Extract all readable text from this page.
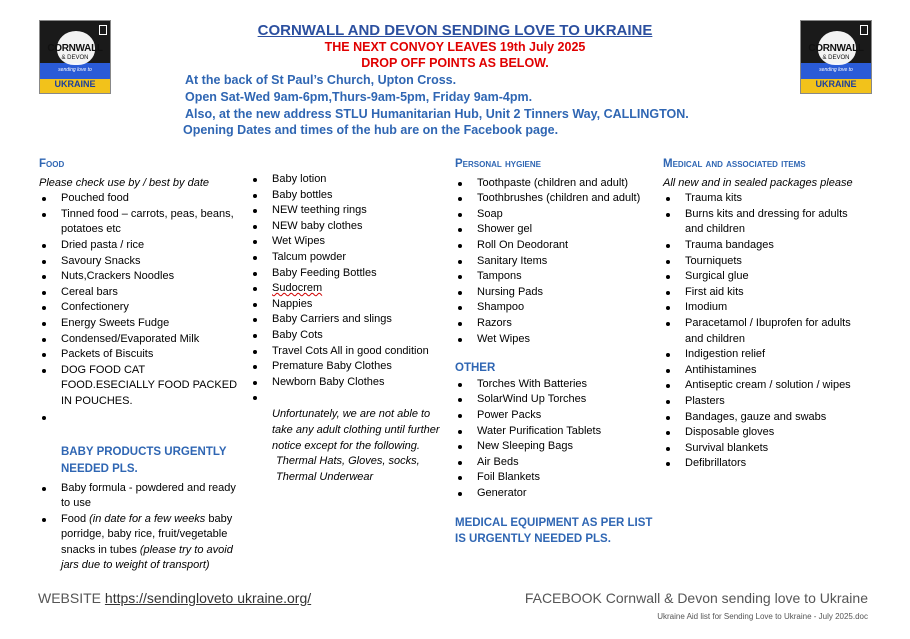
CORNWALL
& DEVON
sending love to
UKRAINE
CORNWALL
& DEVON
sending love to
UKRAINE
CORNWALL AND DEVON SENDING LOVE TO UKRAINE
THE NEXT CONVOY LEAVES 19th July 2025
DROP OFF POINTS AS BELOW.
At the back of St Paul’s Church, Upton Cross.
Open Sat-Wed 9am-6pm,Thurs-9am-5pm, Friday 9am-4pm.
Also, at the new address STLU Humanitarian Hub, Unit 2 Tinners Way, CALLINGTON.
Opening Dates and times of the hub are on the Facebook page.
Food
Please check use by / best by date
Pouched food
Tinned food – carrots, peas, beans, potatoes etc
Dried pasta / rice
Savoury Snacks
Nuts,Crackers Noodles
Cereal bars
Confectionery
Energy Sweets Fudge
Condensed/Evaporated Milk
Packets of Biscuits
DOG FOOD CAT FOOD.ESECIALLY FOOD PACKED IN POUCHES.
BABY PRODUCTS URGENTLY NEEDED PLS.
Baby formula - powdered and ready to use
Food (in date for a few weeks baby porridge, baby rice, fruit/vegetable snacks in tubes (please try to avoid jars due to weight of transport)
Baby lotion
Baby bottles
NEW teething rings
NEW baby clothes
Wet Wipes
Talcum powder
Baby Feeding Bottles
Sudocrem
Nappies
Baby Carriers and slings
Baby Cots
Travel Cots All in good condition
Premature Baby Clothes
Newborn Baby Clothes
Unfortunately, we are not able to take any adult clothing until further notice except for the following.
Thermal Hats, Gloves, socks, Thermal Underwear
Personal hygiene
Toothpaste (children and adult)
Toothbrushes (children and adult)
Soap
Shower gel
Roll On Deodorant
Sanitary Items
Tampons
Nursing Pads
Shampoo
Razors
Wet Wipes
OTHER
Torches With Batteries
SolarWind Up Torches
Power Packs
Water Purification Tablets
New Sleeping Bags
Air Beds
Foil Blankets
Generator
MEDICAL EQUIPMENT AS PER LIST IS URGENTLY NEEDED PLS.
Medical and associated items
All new and in sealed packages please
Trauma kits
Burns kits and dressing for adults and children
Trauma bandages
Tourniquets
Surgical glue
First aid kits
Imodium
Paracetamol / Ibuprofen for adults and children
Indigestion relief
Antihistamines
Antiseptic cream / solution / wipes
Plasters
Bandages, gauze and swabs
Disposable gloves
Survival blankets
Defibrillators
WEBSITE https://sendingloveto ukraine.org/	FACEBOOK Cornwall & Devon sending love to Ukraine
Ukraine Aid list for Sending Love to Ukraine - July 2025.doc
